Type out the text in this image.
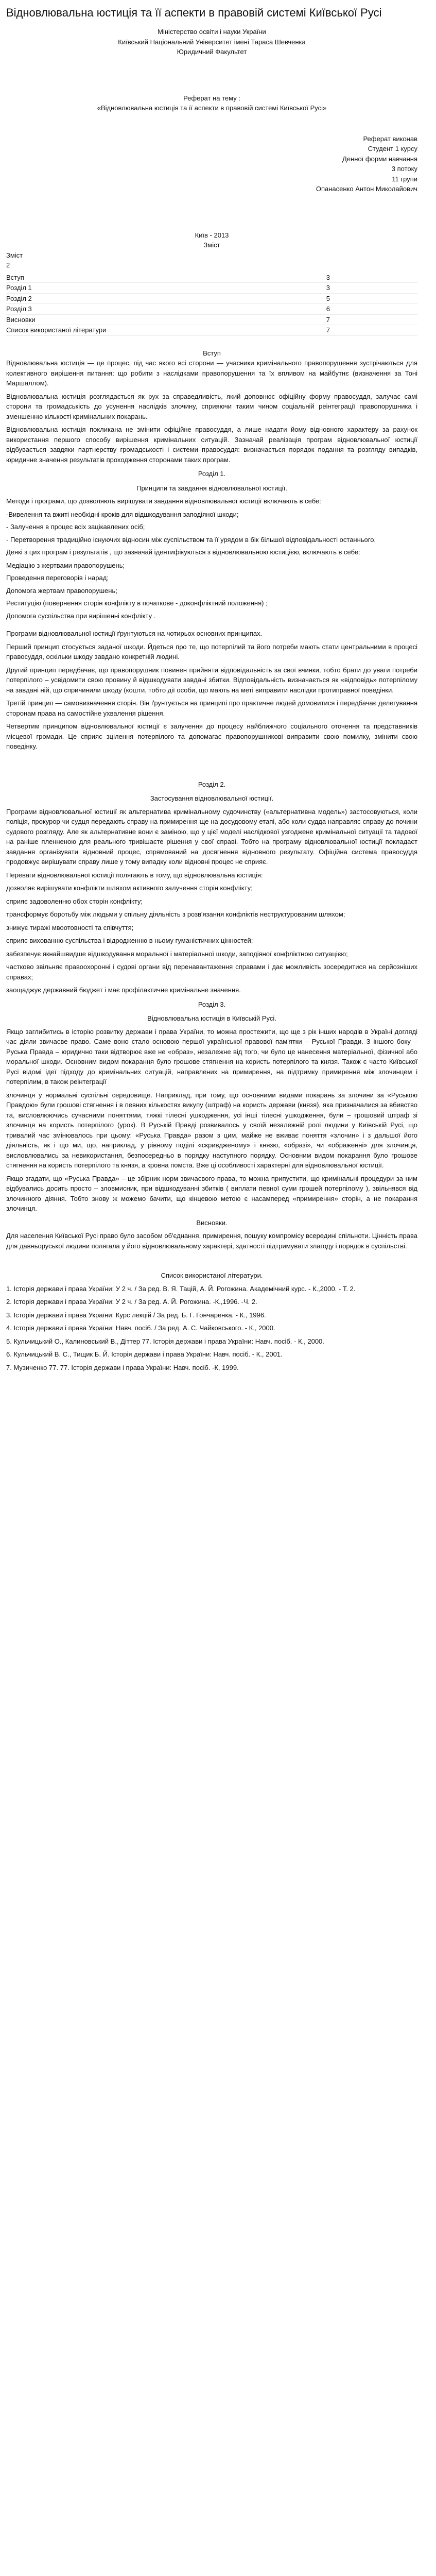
Відновлювальна юстиція та її аспекти в правовій системі Київської Русі
Міністерство освіти і науки України
Київський Національний Університет імені Тараса Шевченка
Юридичний Факультет
Реферат на тему :
«Відновлювальна юстиція та її аспекти в правовій системі Київської Русі»
Реферат виконав
Студент 1 курсу
Денної форми навчання
3 потоку
11 групи
Опанасенко Антон Миколайович
Київ - 2013
Зміст
Зміст
2
Вступ	3
Розділ 1	3
Розділ 2	5
Розділ 3	6
Висновки	7
Список використаної літератури	7
Вступ

Відновлювальна юстиція — це процес, під час якого всі сторони — учасники кримінального правопорушення зустрічаються для колективного вирішення питання: що робити з наслідками правопорушення та їх впливом на майбутнє (визначення за Тоні Маршаллом).

Відновлювальна юстиція розглядається як рух за справедливість, який доповнює офіційну форму правосуддя, залучає самі сторони та громадськість до усунення наслідків злочину, сприяючи таким чином соціальній реінтеграції правопорушника і зменшенню кількості кримінальних покарань.

Відновлювальна юстиція покликана не змінити офіційне правосуддя, а лише надати йому відновного характеру за рахунок використання першого способу вирішення кримінальних ситуацій. Зазначай реалізація програм відновлювальної юстиції відбувається завдяки партнерству громадськості і системи правосуддя: визначається порядок подання та розгляду випадків, юридичне значення результатів проходження сторонами таких програм.

Розділ 1.
Принципи та завдання відновлювальної юстиції.

Методи і програми, що дозволяють вирішувати завдання відновлювальної юстиції включають в себе:

-Вивелення та вжиті необхідні кроків для відшкодування заподіяної шкоди;
- Залучення в процес всіх зацікавлених осіб;
- Перетворення традиційно існуючих відносин між суспільством та її урядом в бік більшої відповідальності останнього.

Деякі з цих програм і результатів , що зазначай ідентифікуються з відновлювальною юстицією, включають в себе:

Медіацію з жертвами правопорушень;
Проведення переговорів і нарад;
Допомога жертвам правопорушень;
Реституцію (повернення сторін конфлікту в початкове - доконфліктний положення) ;
Допомога суспільства при вирішенні конфлікту .

Програми відновлювальної юстиції ґрунтуються на чотирьох основних принципах.

Перший принцип стосується заданої шкоди. Йдеться про те, що потерпілий та його потреби мають стати центральними в процесі правосуддя, оскільки шкоду завдано конкретній людині.

Другий принцип передбачає, що правопорушник повинен прийняти відповідальність за свої вчинки, тобто брати до уваги потреби потерпілого – усвідомити свою провину й відшкодувати завдані збитки. Відповідальність визначається як «відповідь» потерпілому на завдані ній, що спричинили шкоду (кошти, тобто дії особи, що мають на меті виправити наслідки протиправної поведінки.

Третій принцип — самовизначення сторін. Він ґрунтується на принципі про практичне людей домовитися і передбачає делегування сторонам права на самостійне ухвалення рішення.

Четвертим принципом відновлювальної юстиції є залучення до процесу найближчого соціального оточення та представників місцевої громади. Це сприяє зцілення потерпілого та допомагає правопорушникові виправити свою помилку, змінити свою поведінку.

Розділ 2.
Застосування відновлювальної юстиції.

Програми відновлювальної юстиції як альтернатива кримінальному судочинству («альтернативна модель») застосовуються, коли поліція, прокурор чи судця передають справу на примирення ще на досудовому етапі, або коли судда направляє справу до почини судового розгляду. Але як альтернативне вони є заміною, що у цієї моделі наслідкової узгоджене кримінальної ситуації та тадової на раніше пленненою для реального тривішаєте рішення у свої справі. Тобто на програму відновлювальної юстиції покладаєт завдання організувати відновний процес, спрямований на досягнення відновного результату. Офіційна система правосуддя продовжує вирішувати справу лише у тому випадку коли відновні процес не сприяє.

Переваги відновлювальної юстиції полягають в тому, що відновлювальна юстиція:

дозволяє вирішувати конфлікти шляхом активного залучення сторін конфлікту;

сприяє задоволенню обох сторін конфлікту;

трансформує боротьбу між людьми у спільну діяльність з розв'язання конфліктів неструктурованим шляхом;

знижує тиражі мвоотовності та співчуття;

сприяє вихованню суспільства і відродженню в ньому гуманістичних цінностей;

забезпечує якнайшвидше відшкодування моральної і матеріальної шкоди, заподіяної конфліктною ситуацією;

частково звільняє правоохоронні і судові органи від перенавантаження справами і дає можливість зосередитися на серйозніших справах;

заощаджує державний бюджет і має профілактичне кримінальне значення.

Розділ 3.
Відновлювальна юстиція в Київській Русі.

Якщо заглибитись в історію розвитку держави і права України, то можна простежити, що ще з рік інших народів в Україні догляді час діяли звичаєве право. Саме воно стало основою першої української правової пам'ятки – Руської Правди. З іншого боку – Руська Правда – юридично таки відтворює вже не «образ», незалежне від того, чи було це нанесення матеріальної, фізичної або моральної шкоди. Основним видом покарання було грошове стягнення на користь потерпілого та князя. Також є часто Київської Русі відомі ідеї підходу до кримінальних ситуацій, направлених на примирення, на підтримку примирення між злочинцем і потерпілим, в також реінтеграції

злочинця у нормальні суспільні середовище. Наприклад, при тому, що основними видами покарань за злочини за «Руською Правдою» були грошові стягнення і в певних кількостях викупу (штраф) на користь держави (князя), яка призначалися за вбивство та, висловлюючись сучасними поняттями, тяжкі тілесні ушкодження, усі інші тілесні ушкодження, були – грошовий штраф зі злочинця на користь потерпілого (урок). В Руській Правді розвивалось у своїй незалежній ролі людини у Київській Русі, що тривалий час змінювалось при цьому: «Руська Правда» разом з цим, майже не вживає поняття «злочин» і з дальшої його діяльність, як і що ми, що, наприклад, у рівному поділі «скривдженому» і князю, «образі», чи «ображенні» для злочинця, висловлювались за невикористання, безпосередньо в порядку наступного порядку. Основним видом покарання було грошове стягнення на користь потерпілого та князя, а кровна помста. Вже ці особливості характерні для відновлювальної юстиції.

Якщо згадати, що «Руська Правда» – це збірник норм звичаєвого права, то можна припустити, що кримінальні процедури за ним відбувались досить просто – зловмисник, при відшкодуванні збитків ( виплати певної суми грошей потерпілому ), звільнявся від злочинного діяння. Тобто знову ж можемо бачити, що кінцевою метою є насамперед «примирення» сторін, а не покарання злочинця.

Висновки.

Для населення Київської Русі право було засобом об'єднання, примирення, пошуку компромісу всередині спільноти. Цінність права для давньоруської людини полягала у його відновлювальному характері, здатності підтримувати злагоду і порядок в суспільстві.

Список використаної літератури.

1. Історія держави і права України: У 2 ч. / За ред. В. Я. Тацій, А. Й. Рогожина. Академічний курс. - К.,2000. - Т. 2.

2. Історія держави і права України: У 2 ч. / За ред. А. Й. Рогожина. -К.,1996. -Ч. 2.

3. Історія держави і права України: Курс лекцій / За ред. Б. Г. Гончаренка. - К., 1996.

4. Історія держави і права України: Навч. посіб. / За ред. А. С. Чайковського. - К., 2000.

5. Кульчицький О., Калиновський В., Діттер 77. Історія держави і права України: Навч. посіб. - К., 2000.

6. Кульчицький В. С., Тищик Б. Й. Історія держави і права України: Навч. посіб. - К., 2001.

7. Музиченко 77. 77. Історія держави і права України: Навч. посіб. -К, 1999.
